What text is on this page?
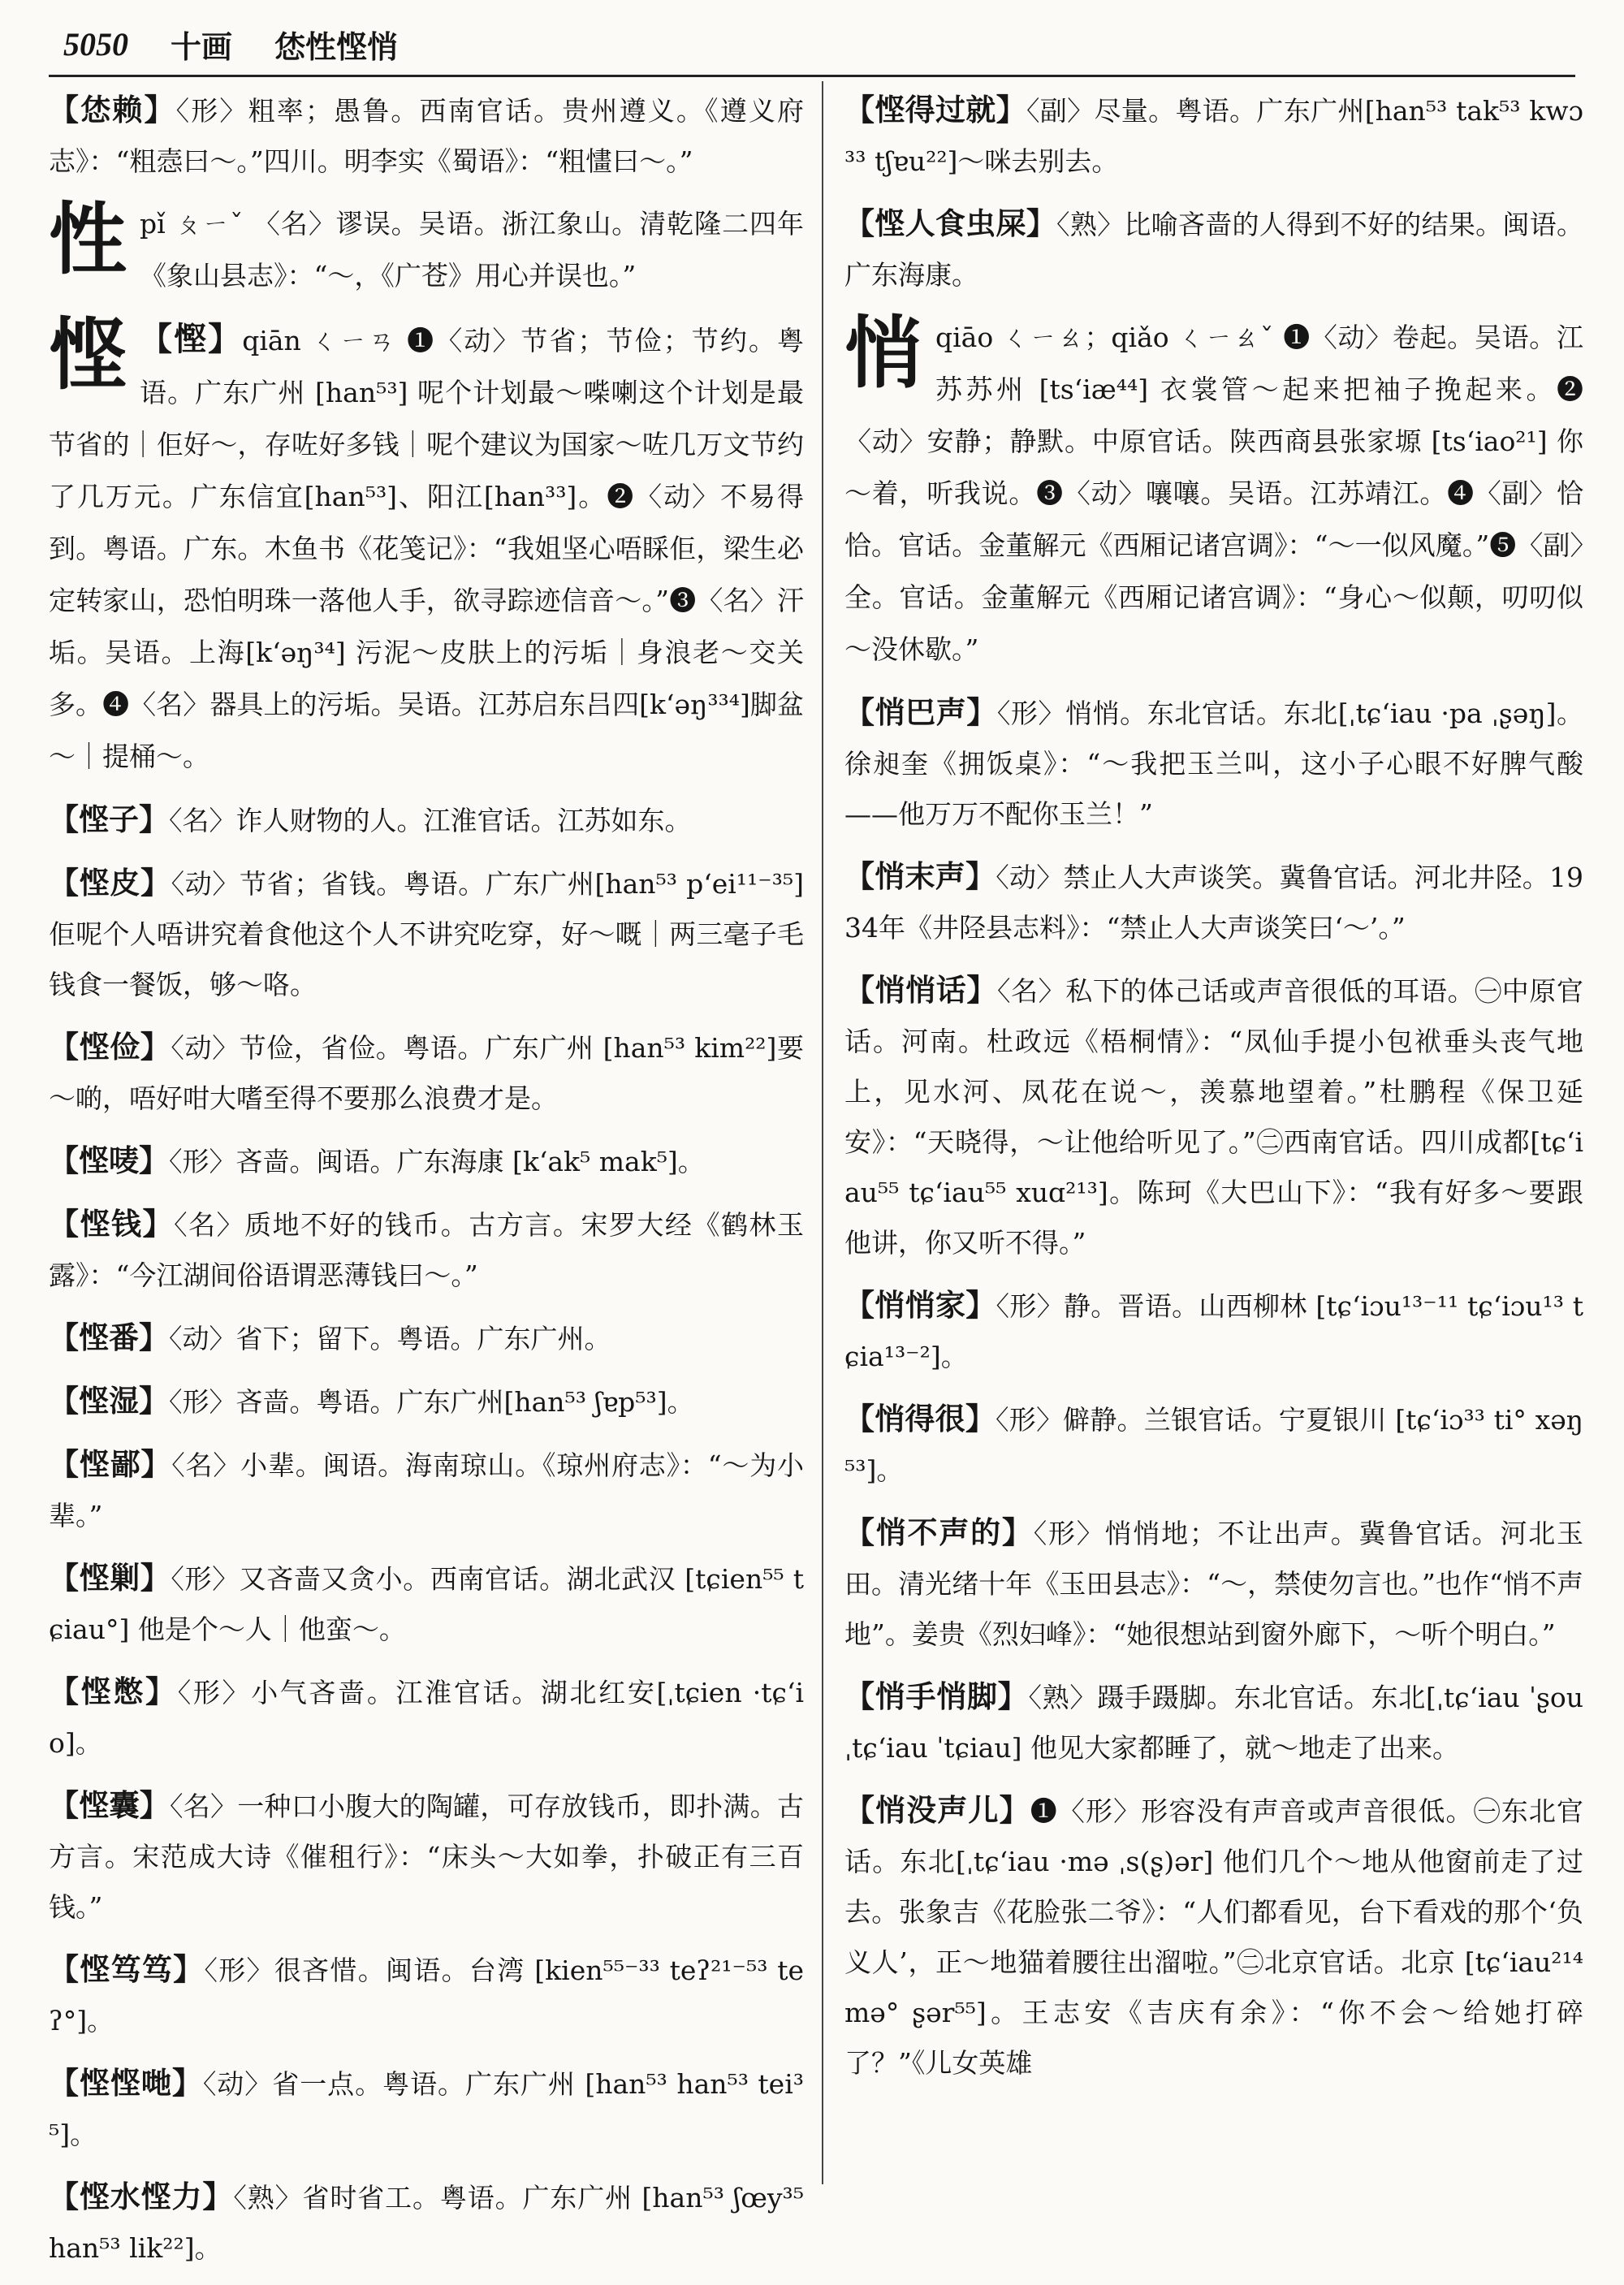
5050 十画 恷性悭悄

【恷赖】〈形〉粗率；愚鲁。西南官话。贵州遵义。《遵义府志》：“粗悫曰～。”四川。明李实《蜀语》：“粗㦎曰～。”

性pǐ ㄆㄧˇ 〈名〉谬误。吴语。浙江象山。清乾隆二四年《象山县志》：“～，《广苍》用心并误也。”

悭 【慳】qiān ㄑㄧㄢ ❶〈动〉节省；节俭；节约。粤语。广东广州 [han⁵³] 呢个计划最～喍喇这个计划是最节省的｜佢好～，存咗好多钱｜呢个建议为国家～咗几万文节约了几万元。广东信宜[han⁵³]、阳江[han³³]。❷〈动〉不易得到。粤语。广东。木鱼书《花笺记》：“我姐坚心唔睬佢，梁生必定转家山，恐怕明珠一落他人手，欲寻踪迹信音～。”❸〈名〉汗垢。吴语。上海[k‘əŋ³⁴] 污泥～皮肤上的污垢｜身浪老～交关多。❹〈名〉器具上的污垢。吴语。江苏启东吕四[k‘əŋ³³⁴]脚盆～｜提桶～。

【悭子】〈名〉诈人财物的人。江淮官话。江苏如东。

【悭皮】〈动〉节省；省钱。粤语。广东广州[han⁵³ p‘ei¹¹⁻³⁵]佢呢个人唔讲究着食他这个人不讲究吃穿，好～嘅｜两三毫子毛钱食一餐饭，够～咯。

【悭俭】〈动〉节俭，省俭。粤语。广东广州 [han⁵³ kim²²]要～啲，唔好咁大嗜至得不要那么浪费才是。

【悭唛】〈形〉吝啬。闽语。广东海康 [k‘ak⁵ mak⁵]。

【悭钱】〈名〉质地不好的钱币。古方言。宋罗大经《鹤林玉露》：“今江湖间俗语谓恶薄钱曰～。”

【悭番】〈动〉省下；留下。粤语。广东广州。

【悭湿】〈形〉吝啬。粤语。广东广州[han⁵³ ʃɐp⁵³]。

【悭鄙】〈名〉小辈。闽语。海南琼山。《琼州府志》：“～为小辈。”

【悭剿】〈形〉又吝啬又贪小。西南官话。湖北武汉 [tɕien⁵⁵ tɕiau°] 他是个～人｜他蛮～。

【悭憋】〈形〉小气吝啬。江淮官话。湖北红安[ˌtɕien ·tɕ‘io]。

【悭囊】〈名〉一种口小腹大的陶罐，可存放钱币，即扑满。古方言。宋范成大诗《催租行》：“床头～大如拳，扑破正有三百钱。”

【悭笃笃】〈形〉很吝惜。闽语。台湾 [kien⁵⁵⁻³³ teʔ²¹⁻⁵³ teʔ°]。

【悭悭哋】〈动〉省一点。粤语。广东广州 [han⁵³ han⁵³ tei³⁵]。

【悭水悭力】〈熟〉省时省工。粤语。广东广州 [han⁵³ ʃœy³⁵ han⁵³ lik²²]。

【悭得过就】〈副〉尽量。粤语。广东广州[han⁵³ tak⁵³ kwɔ³³ tʃɐu²²]～咪去别去。

【悭人食虫屎】〈熟〉比喻吝啬的人得到不好的结果。闽语。广东海康。

悄qiāo ㄑㄧㄠ；qiǎo ㄑㄧㄠˇ ❶〈动〉卷起。吴语。江苏苏州 [ts‘iæ⁴⁴] 衣裳管～起来把袖子挽起来。❷〈动〉安静；静默。中原官话。陕西商县张家塬 [ts‘iao²¹] 你～着，听我说。❸〈动〉嚷嚷。吴语。江苏靖江。❹〈副〉恰恰。官话。金董解元《西厢记诸宫调》：“～一似风魔。”❺〈副〉全。官话。金董解元《西厢记诸宫调》：“身心～似颠，叨叨似～没休歇。”

【悄巴声】〈形〉悄悄。东北官话。东北[ˌtɕ‘iau ·pa ˌʂəŋ]。徐昶奎《拥饭桌》：“～我把玉兰叫，这小子心眼不好脾气酸——他万万不配你玉兰！”

【悄末声】〈动〉禁止人大声谈笑。冀鲁官话。河北井陉。1934年《井陉县志料》：“禁止人大声谈笑曰‘～’。”

【悄悄话】〈名〉私下的体己话或声音很低的耳语。㊀中原官话。河南。杜政远《梧桐情》：“凤仙手提小包袱垂头丧气地上，见水河、凤花在说～，羡慕地望着。”杜鹏程《保卫延安》：“天晓得，～让他给听见了。”㊁西南官话。四川成都[tɕ‘iau⁵⁵ tɕ‘iau⁵⁵ xuɑ²¹³]。陈珂《大巴山下》：“我有好多～要跟他讲，你又听不得。”

【悄悄家】〈形〉静。晋语。山西柳林 [tɕ‘iɔu¹³⁻¹¹ tɕ‘iɔu¹³ tɕia¹³⁻²]。

【悄得很】〈形〉僻静。兰银官话。宁夏银川 [tɕ‘iɔ³³ ti° xəŋ⁵³]。

【悄不声的】〈形〉悄悄地；不让出声。冀鲁官话。河北玉田。清光绪十年《玉田县志》：“～，禁使勿言也。”也作“悄不声地”。姜贵《烈妇峰》：“她很想站到窗外廊下，～听个明白。”

【悄手悄脚】〈熟〉蹑手蹑脚。东北官话。东北[ˌtɕ‘iau ˈʂou ˌtɕ‘iau ˈtɕiau] 他见大家都睡了，就～地走了出来。

【悄没声儿】❶〈形〉形容没有声音或声音很低。㊀东北官话。东北[ˌtɕ‘iau ·mə ˌs(ʂ)ər] 他们几个～地从他窗前走了过去。张象吉《花脸张二爷》：“人们都看见，台下看戏的那个‘负义人’，正～地猫着腰往出溜啦。”㊁北京官话。北京 [tɕ‘iau²¹⁴ mə° ʂər⁵⁵]。王志安《吉庆有余》：“你不会～给她打碎了？”《儿女英雄
